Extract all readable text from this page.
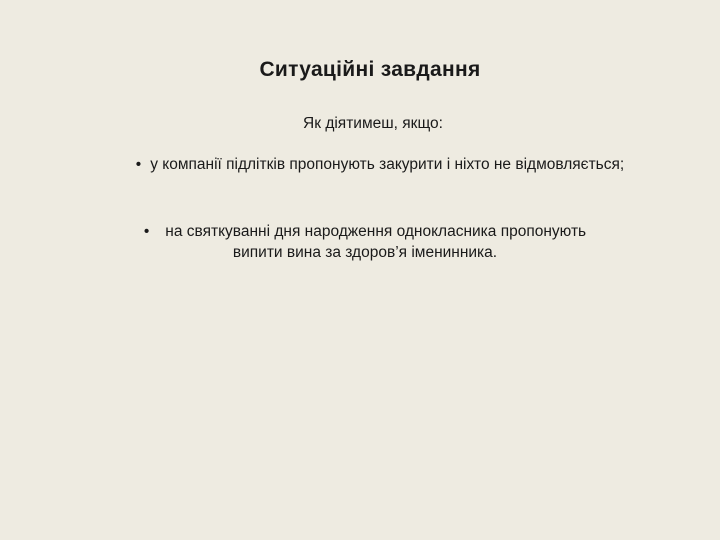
Ситуаційні завдання
Як діятимеш, якщо:
• у компанії підлітків пропонують закурити і ніхто не відмовляється;
• на святкуванні дня народження однокласника пропонують випити вина за здоров’я іменинника.
